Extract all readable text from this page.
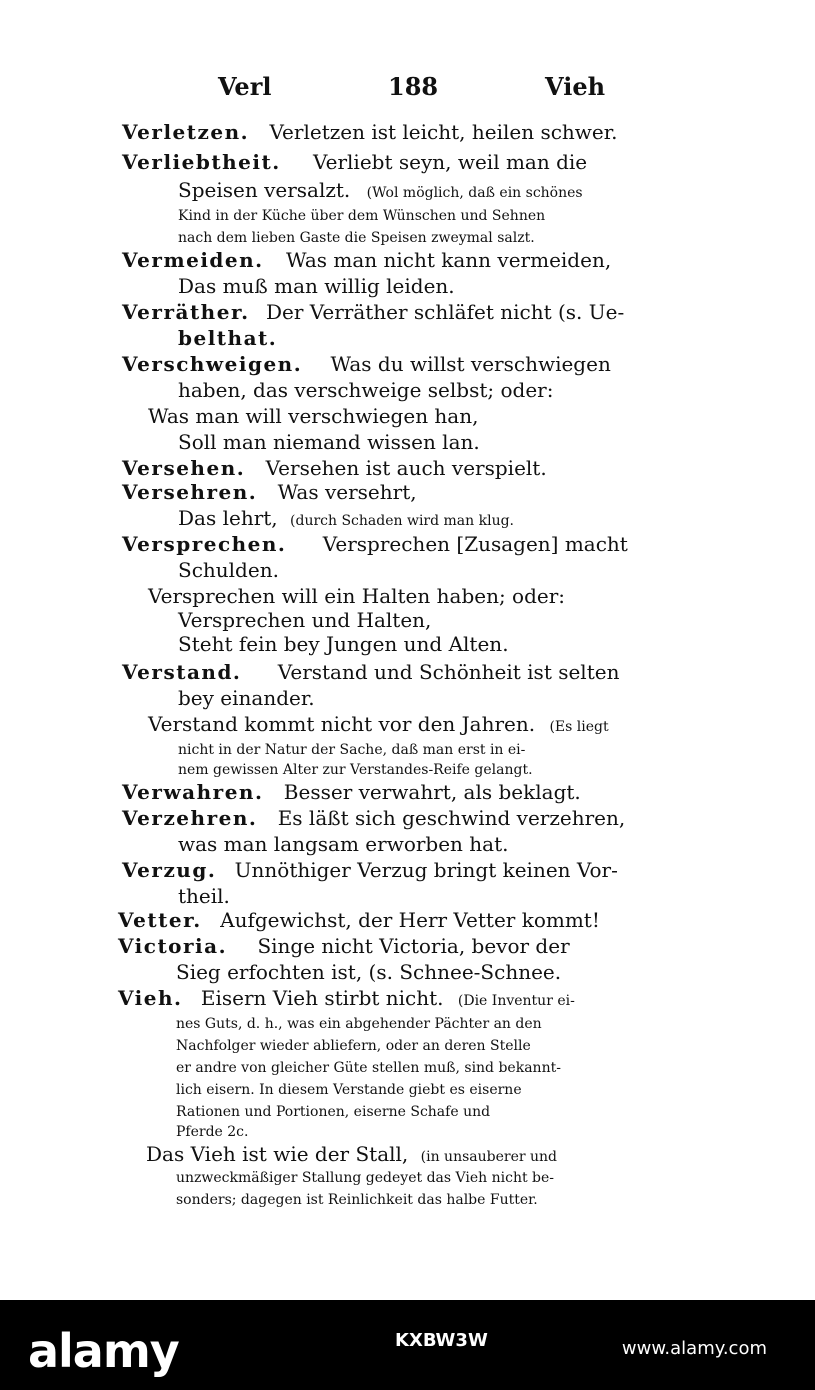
Verl	188	Vieh
Verletzen. Verletzen ist leicht, heilen schwer.
Verliebtheit. Verliebt seyn, weil man die
Speisen versalzt. (Wol möglich, daß ein schönes
Kind in der Küche über dem Wünschen und Sehnen
nach dem lieben Gaste die Speisen zweymal salzt.
Vermeiden. Was man nicht kann vermeiden,
Das muß man willig leiden.
Verräther. Der Verräther schläfet nicht (s. Ue-
belthat.
Verschweigen. Was du willst verschwiegen
haben, das verschweige selbst; oder:
Was man will verschwiegen han,
Soll man niemand wissen lan.
Versehen. Versehen ist auch verspielt.
Versehren. Was versehrt,
Das lehrt, (durch Schaden wird man klug.
Versprechen. Versprechen [Zusagen] macht
Schulden.
Versprechen will ein Halten haben; oder:
Versprechen und Halten,
Steht fein bey Jungen und Alten.
Verstand. Verstand und Schönheit ist selten
bey einander.
Verstand kommt nicht vor den Jahren. (Es liegt
nicht in der Natur der Sache, daß man erst in ei-
nem gewissen Alter zur Verstandes-Reife gelangt.
Verwahren. Besser verwahrt, als beklagt.
Verzehren. Es läßt sich geschwind verzehren,
was man langsam erworben hat.
Verzug. Unnöthiger Verzug bringt keinen Vor-
theil.
Vetter. Aufgewichst, der Herr Vetter kommt!
Victoria. Singe nicht Victoria, bevor der
Sieg erfochten ist, (s. Schnee-Schnee.
Vieh. Eisern Vieh stirbt nicht. (Die Inventur ei-
nes Guts, d. h., was ein abgehender Pächter an den
Nachfolger wieder abliefern, oder an deren Stelle
er andre von gleicher Güte stellen muß, sind bekannt-
lich eisern. In diesem Verstande giebt es eiserne
Rationen und Portionen, eiserne Schafe und
Pferde 2c.
Das Vieh ist wie der Stall, (in unsauberer und
unzweckmäßiger Stallung gedeyet das Vieh nicht be-
sonders; dagegen ist Reinlichkeit das halbe Futter.
alamy	KXBW3W	www.alamy.com
